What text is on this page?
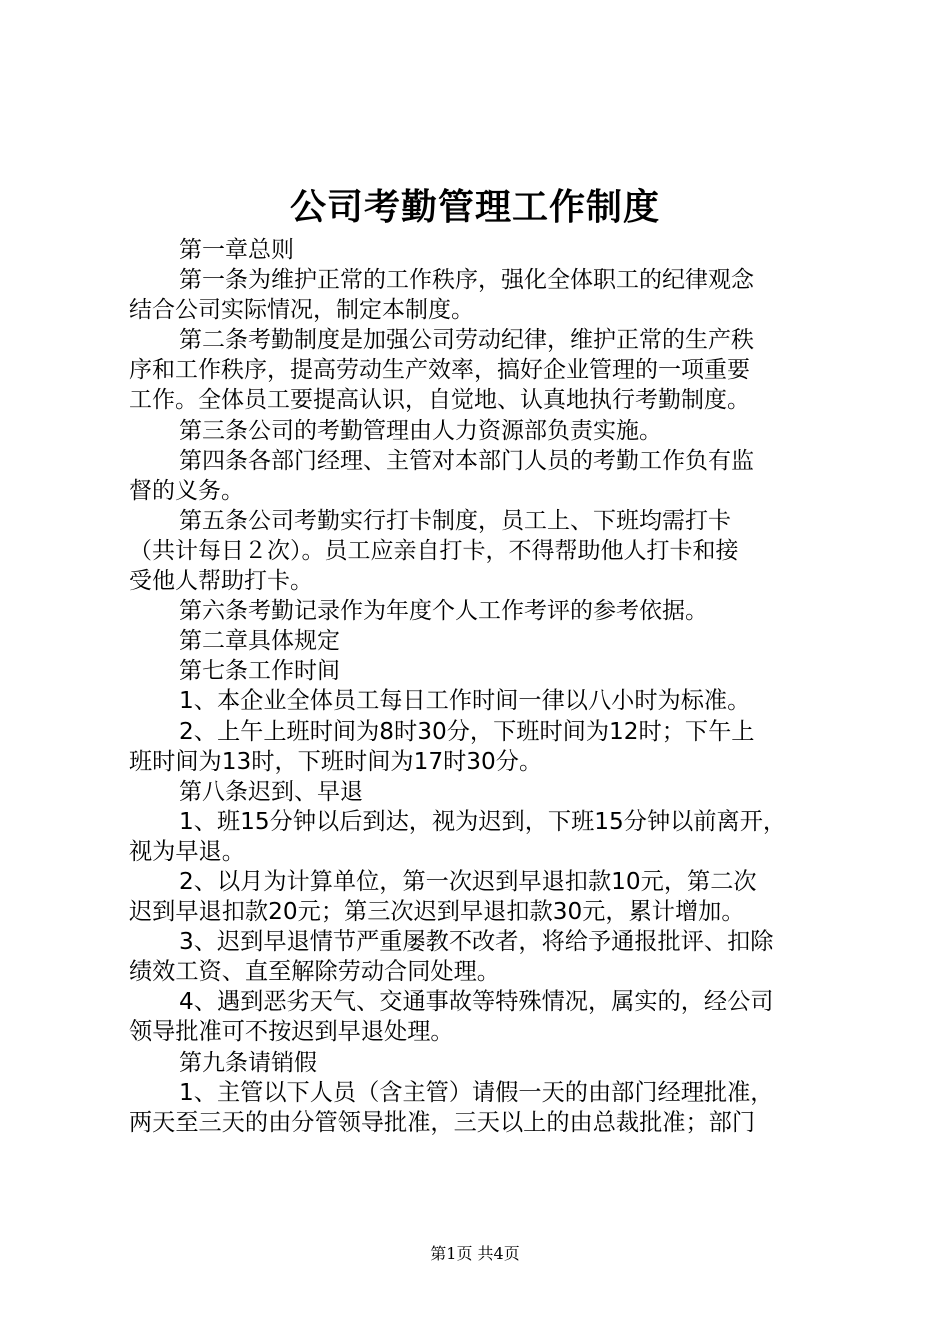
公司考勤管理工作制度
第一章总则
第一条为维护正常的工作秩序，强化全体职工的纪律观念
结合公司实际情况，制定本制度。
第二条考勤制度是加强公司劳动纪律，维护正常的生产秩
序和工作秩序，提高劳动生产效率，搞好企业管理的一项重要
工作。全体员工要提高认识，自觉地、认真地执行考勤制度。
第三条公司的考勤管理由人力资源部负责实施。
第四条各部门经理、主管对本部门人员的考勤工作负有监
督的义务。
第五条公司考勤实行打卡制度，员工上、下班均需打卡
（共计每日２次）。员工应亲自打卡，不得帮助他人打卡和接
受他人帮助打卡。
第六条考勤记录作为年度个人工作考评的参考依据。
第二章具体规定
第七条工作时间
1、本企业全体员工每日工作时间一律以八小时为标准。
2、上午上班时间为8时30分，下班时间为12时；下午上
班时间为13时，下班时间为17时30分。
第八条迟到、早退
1、班15分钟以后到达，视为迟到，下班15分钟以前离开，
视为早退。
2、以月为计算单位，第一次迟到早退扣款10元，第二次
迟到早退扣款20元；第三次迟到早退扣款30元，累计增加。
3、迟到早退情节严重屡教不改者，将给予通报批评、扣除
绩效工资、直至解除劳动合同处理。
4、遇到恶劣天气、交通事故等特殊情况，属实的，经公司
领导批准可不按迟到早退处理。
第九条请销假
1、主管以下人员（含主管）请假一天的由部门经理批准，
两天至三天的由分管领导批准，三天以上的由总裁批准；部门
第1页 共4页
